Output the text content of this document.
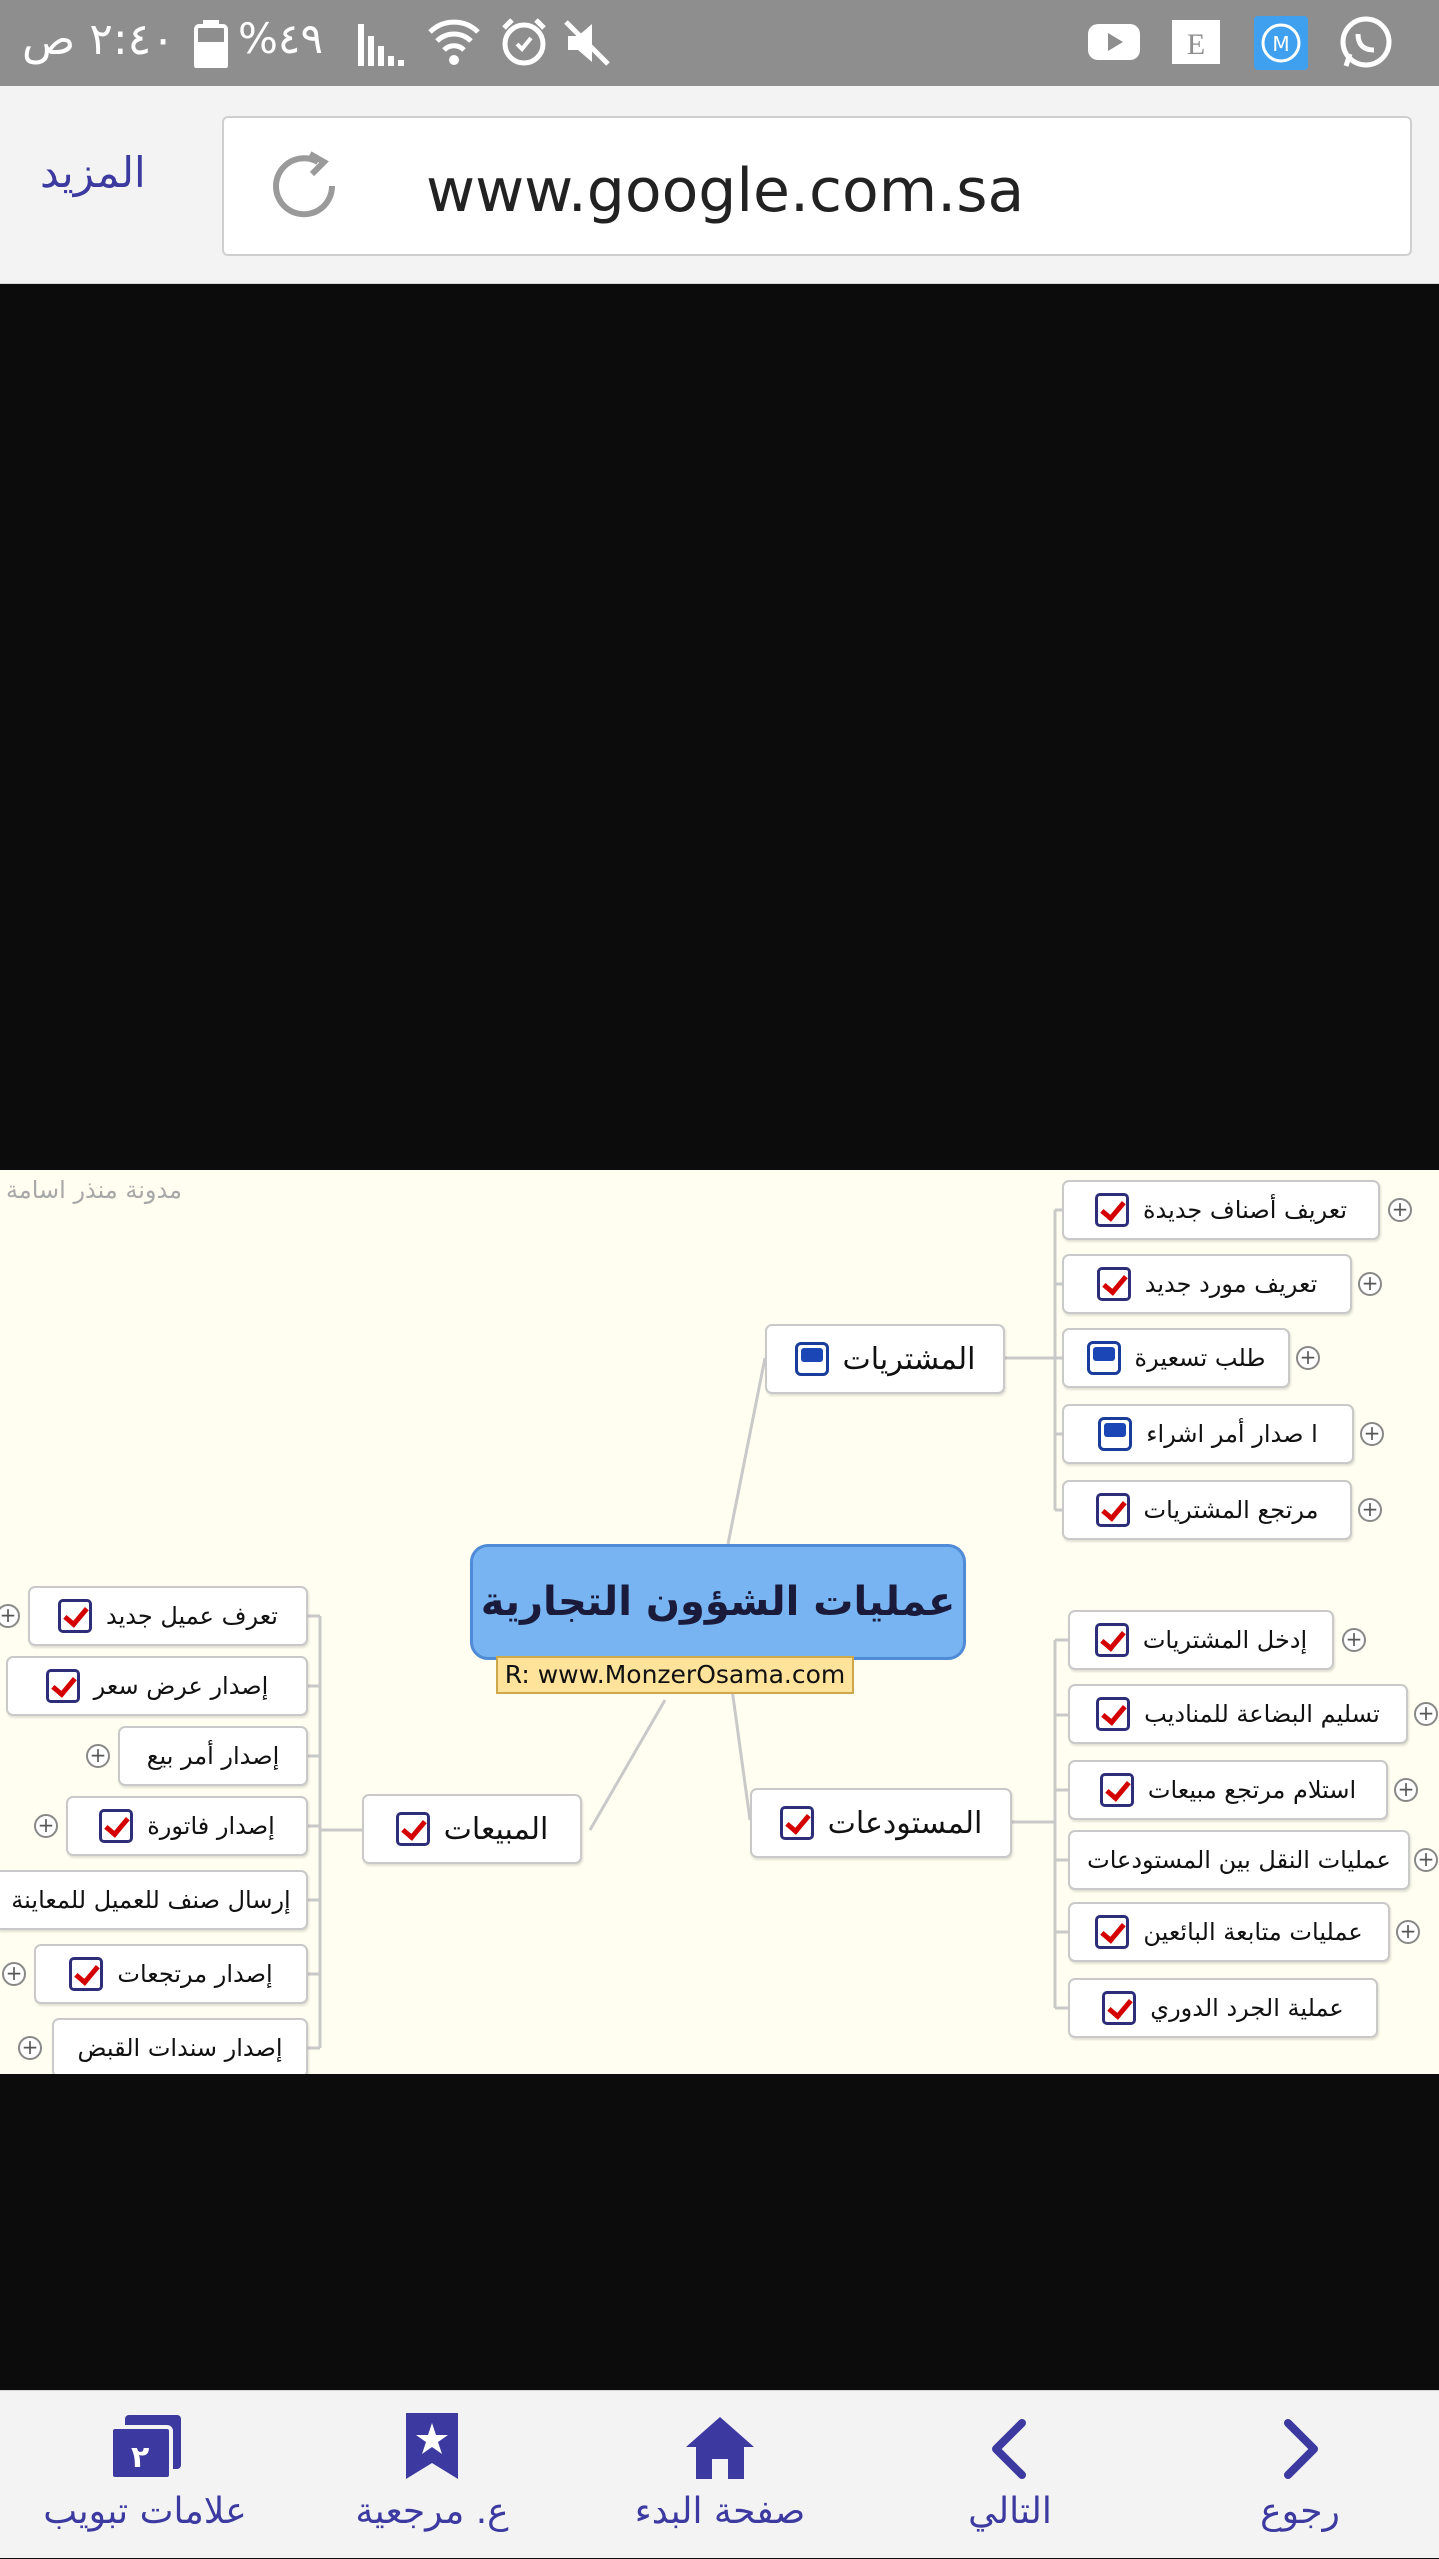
٢:٤٠ ص %٤٩	E	M
المزيد	www.google.com.sa
مدونة منذر اسامة
عمليات الشؤون التجارية
R: www.MonzerOsama.com
المشتريات
تعريف أصناف جديدة +
تعريف مورد جديد +
طلب تسعيرة +
ا صدار أمر اشراء +
مرتجع المشتريات +
المستودعات
إدخل المشتريات +
تسليم البضاعة للمناديب +
استلام مرتجع مبيعات +
عمليات النقل بين المستودعات +
عمليات متابعة البائعين +
عملية الجرد الدوري
المبيعات
+	تعرف عميل جديد
إصدار عرض سعر
+ إصدار أمر بيع
+	إصدار فاتورة
إرسال صنف للعميل للمعاينة
+	إصدار مرتجعات
+ إصدار سندات القبض
رجوع
التالي
صفحة البدء
ع. مرجعية
٢
علامات تبويب
